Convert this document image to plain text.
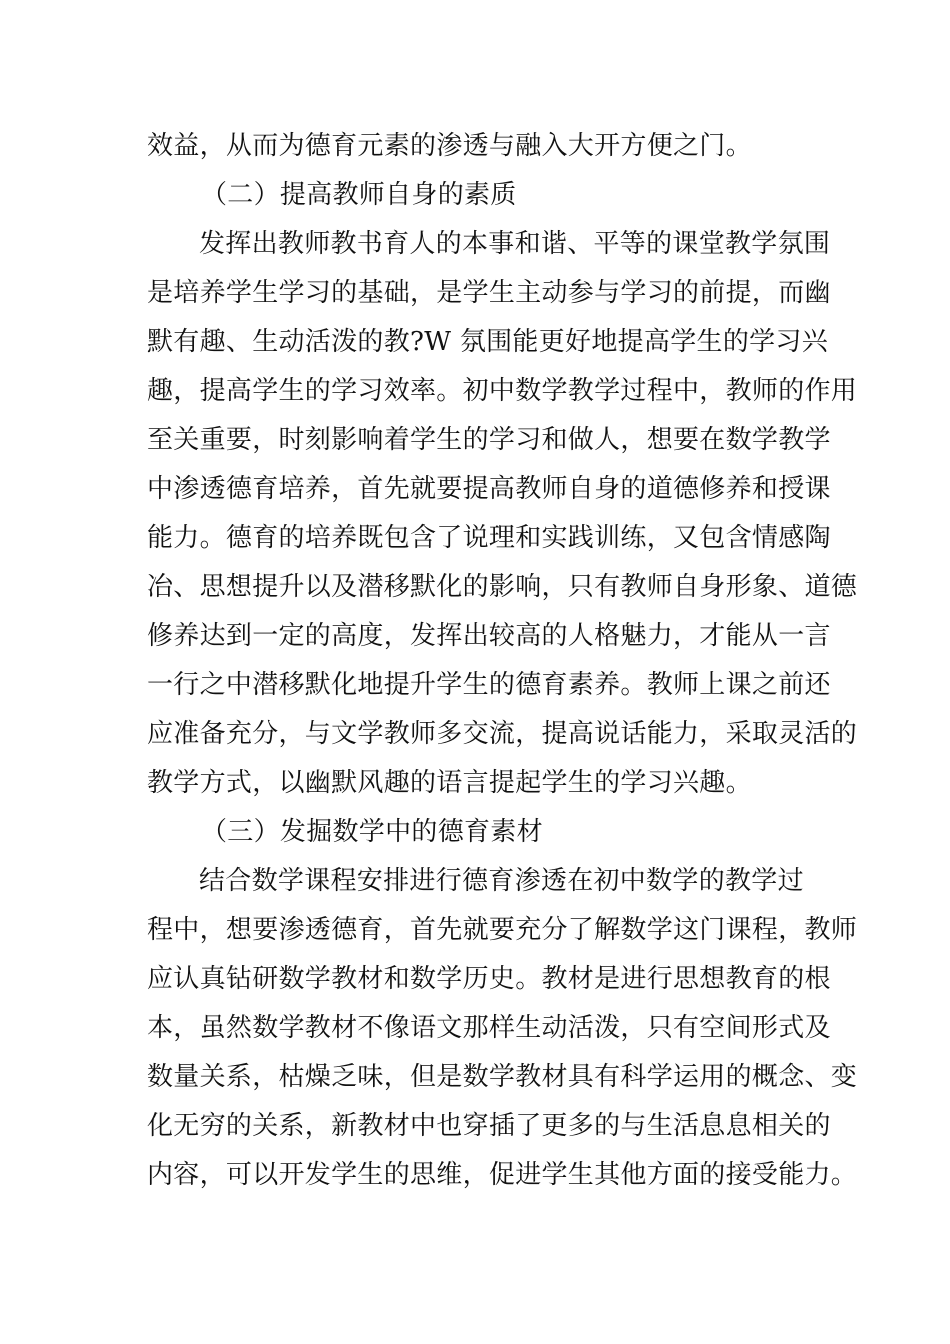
效益，从而为德育元素的渗透与融入大开方便之门。
（二）提高教师自身的素质
发挥出教师教书育人的本事和谐、平等的课堂教学氛围
是培养学生学习的基础，是学生主动参与学习的前提，而幽
默有趣、生动活泼的教?W 氛围能更好地提高学生的学习兴
趣，提高学生的学习效率。初中数学教学过程中，教师的作用
至关重要，时刻影响着学生的学习和做人，想要在数学教学
中渗透德育培养，首先就要提高教师自身的道德修养和授课
能力。德育的培养既包含了说理和实践训练，又包含情感陶
冶、思想提升以及潜移默化的影响，只有教师自身形象、道德
修养达到一定的高度，发挥出较高的人格魅力，才能从一言
一行之中潜移默化地提升学生的德育素养。教师上课之前还
应准备充分，与文学教师多交流，提高说话能力，采取灵活的
教学方式，以幽默风趣的语言提起学生的学习兴趣。
（三）发掘数学中的德育素材
结合数学课程安排进行德育渗透在初中数学的教学过
程中，想要渗透德育，首先就要充分了解数学这门课程，教师
应认真钻研数学教材和数学历史。教材是进行思想教育的根
本，虽然数学教材不像语文那样生动活泼，只有空间形式及
数量关系，枯燥乏味，但是数学教材具有科学运用的概念、变
化无穷的关系，新教材中也穿插了更多的与生活息息相关的
内容，可以开发学生的思维，促进学生其他方面的接受能力。
